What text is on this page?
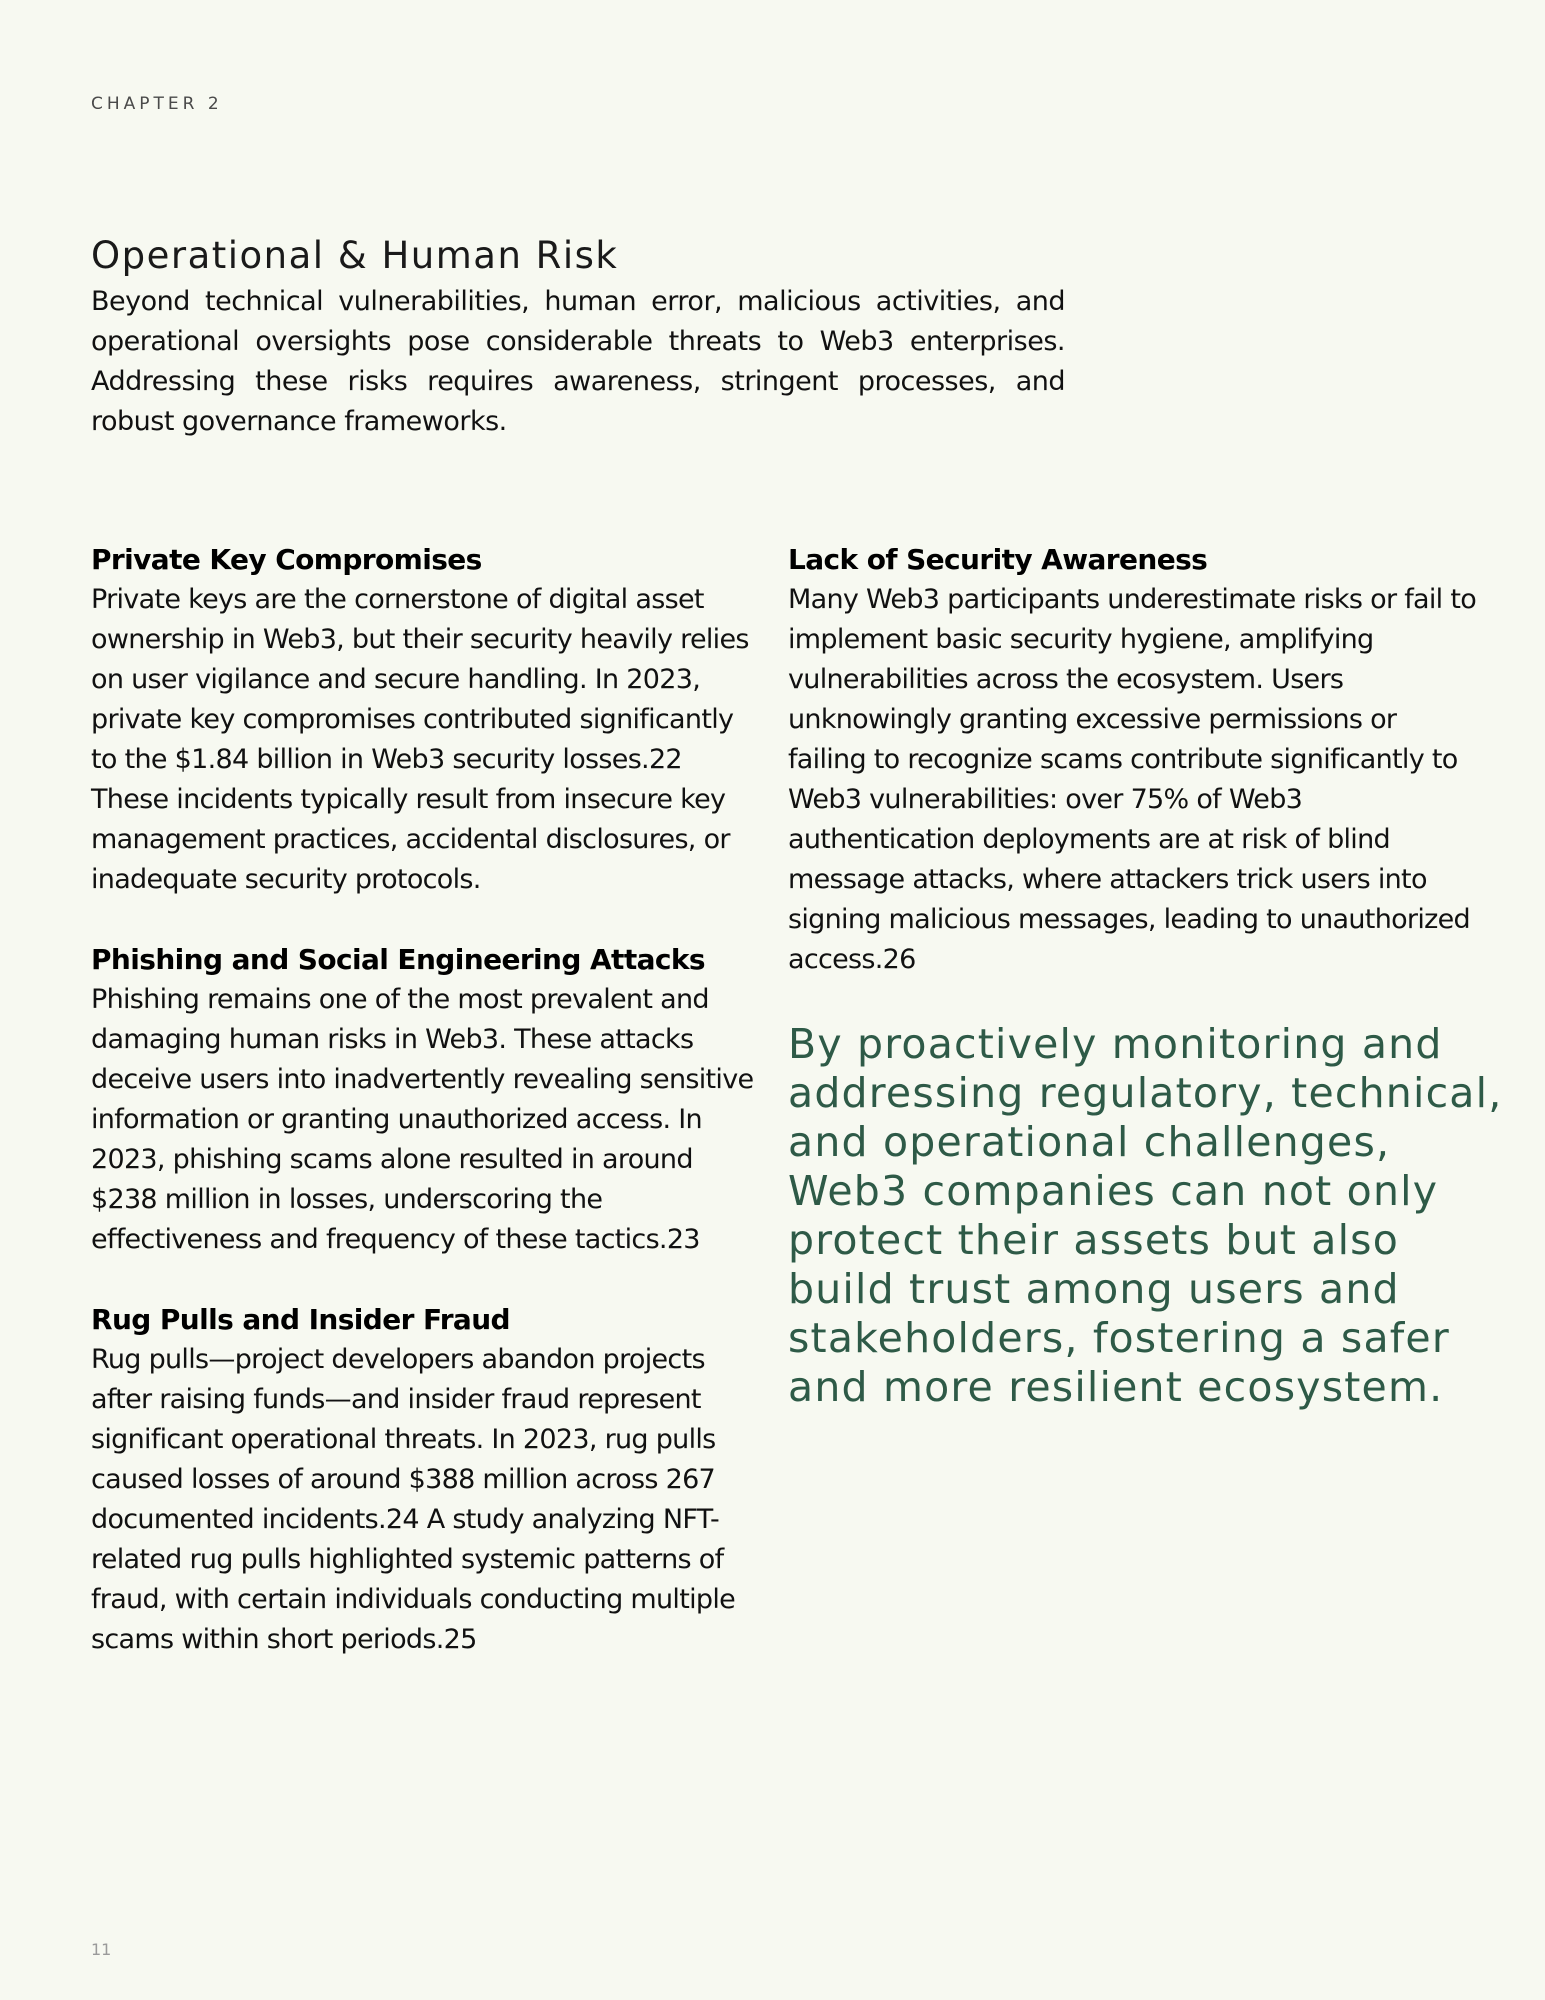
CHAPTER 2
Operational & Human Risk

Beyond technical vulnerabilities, human error, malicious activities, and operational oversights pose considerable threats to Web3 enterprises. Addressing these risks requires awareness, stringent processes, and robust governance frameworks.

Private Key Compromises

Private keys are the cornerstone of digital asset ownership in Web3, but their security heavily relies on user vigilance and secure handling. In 2023, private key compromises contributed significantly to the $1.84 billion in Web3 security losses.22 These incidents typically result from insecure key management practices, accidental disclosures, or inadequate security protocols.

Phishing and Social Engineering Attacks

Phishing remains one of the most prevalent and damaging human risks in Web3. These attacks deceive users into inadvertently revealing sensitive information or granting unauthorized access. In 2023, phishing scams alone resulted in around $238 million in losses, underscoring the effectiveness and frequency of these tactics.23

Rug Pulls and Insider Fraud

Rug pulls—project developers abandon projects after raising funds—and insider fraud represent significant operational threats. In 2023, rug pulls caused losses of around $388 million across 267 documented incidents.24 A study analyzing NFT-related rug pulls highlighted systemic patterns of fraud, with certain individuals conducting multiple scams within short periods.25

Lack of Security Awareness

Many Web3 participants underestimate risks or fail to implement basic security hygiene, amplifying vulnerabilities across the ecosystem. Users unknowingly granting excessive permissions or failing to recognize scams contribute significantly to Web3 vulnerabilities: over 75% of Web3 authentication deployments are at risk of blind message attacks, where attackers trick users into signing malicious messages, leading to unauthorized access.26

By proactively monitoring and addressing regulatory, technical, and operational challenges, Web3 companies can not only protect their assets but also build trust among users and stakeholders, fostering a safer and more resilient ecosystem.
11
